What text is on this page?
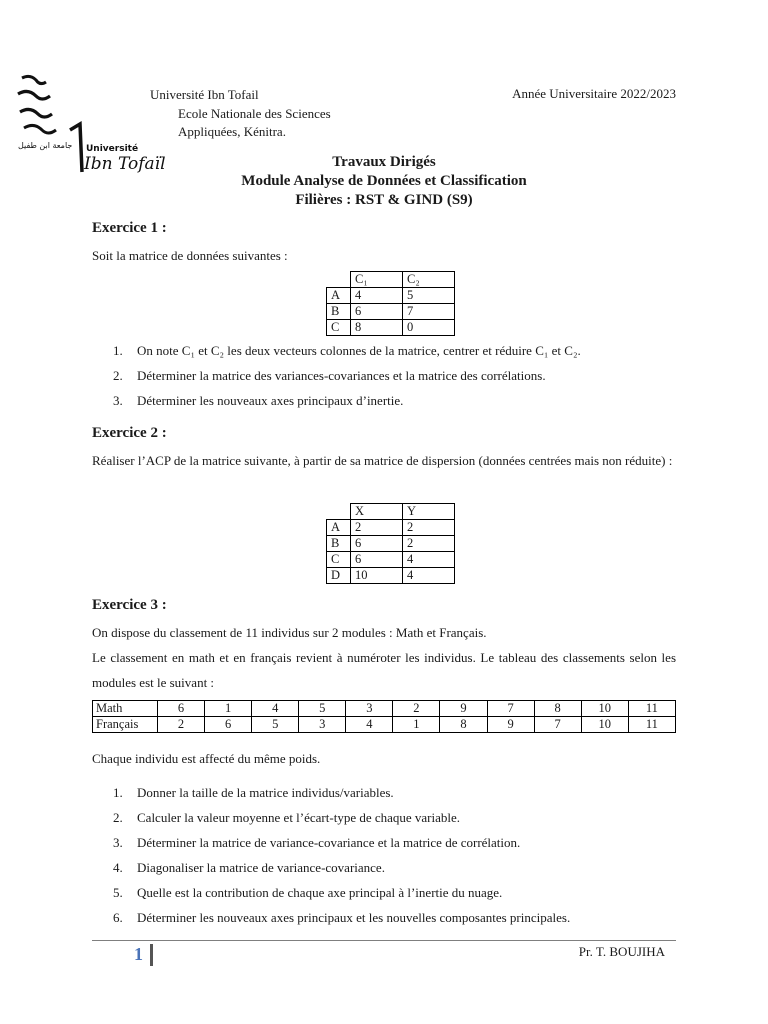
Université
Ibn Tofaïl
جامعة ابن طفيل
Université Ibn Tofail
Ecole Nationale des Sciences
Appliquées, Kénitra.
Année Universitaire 2022/2023
Travaux Dirigés
Module Analyse de Données et Classification
Filières : RST & GIND (S9)
Exercice 1 :
Soit la matrice de données suivantes :
	C₁	C₂
A	4	5
B	6	7
C	8	0
1. On note C₁ et C₂ les deux vecteurs colonnes de la matrice, centrer et réduire C₁ et C₂.
2. Déterminer la matrice des variances-covariances et la matrice des corrélations.
3. Déterminer les nouveaux axes principaux d’inertie.
Exercice 2 :
Réaliser l’ACP de la matrice suivante, à partir de sa matrice de dispersion (données centrées mais non réduite) :
	X	Y
A	2	2
B	6	2
C	6	4
D	10	4
Exercice 3 :
On dispose du classement de 11 individus sur 2 modules : Math et Français.
Le classement en math et en français revient à numéroter les individus. Le tableau des classements selon les modules est le suivant :
Math	6	1	4	5	3	2	9	7	8	10	11
Français	2	6	5	3	4	1	8	9	7	10	11
Chaque individu est affecté du même poids.
1. Donner la taille de la matrice individus/variables.
2. Calculer la valeur moyenne et l’écart-type de chaque variable.
3. Déterminer la matrice de variance-covariance et la matrice de corrélation.
4. Diagonaliser la matrice de variance-covariance.
5. Quelle est la contribution de chaque axe principal à l’inertie du nuage.
6. Déterminer les nouveaux axes principaux et les nouvelles composantes principales.
1	Pr. T. BOUJIHA
